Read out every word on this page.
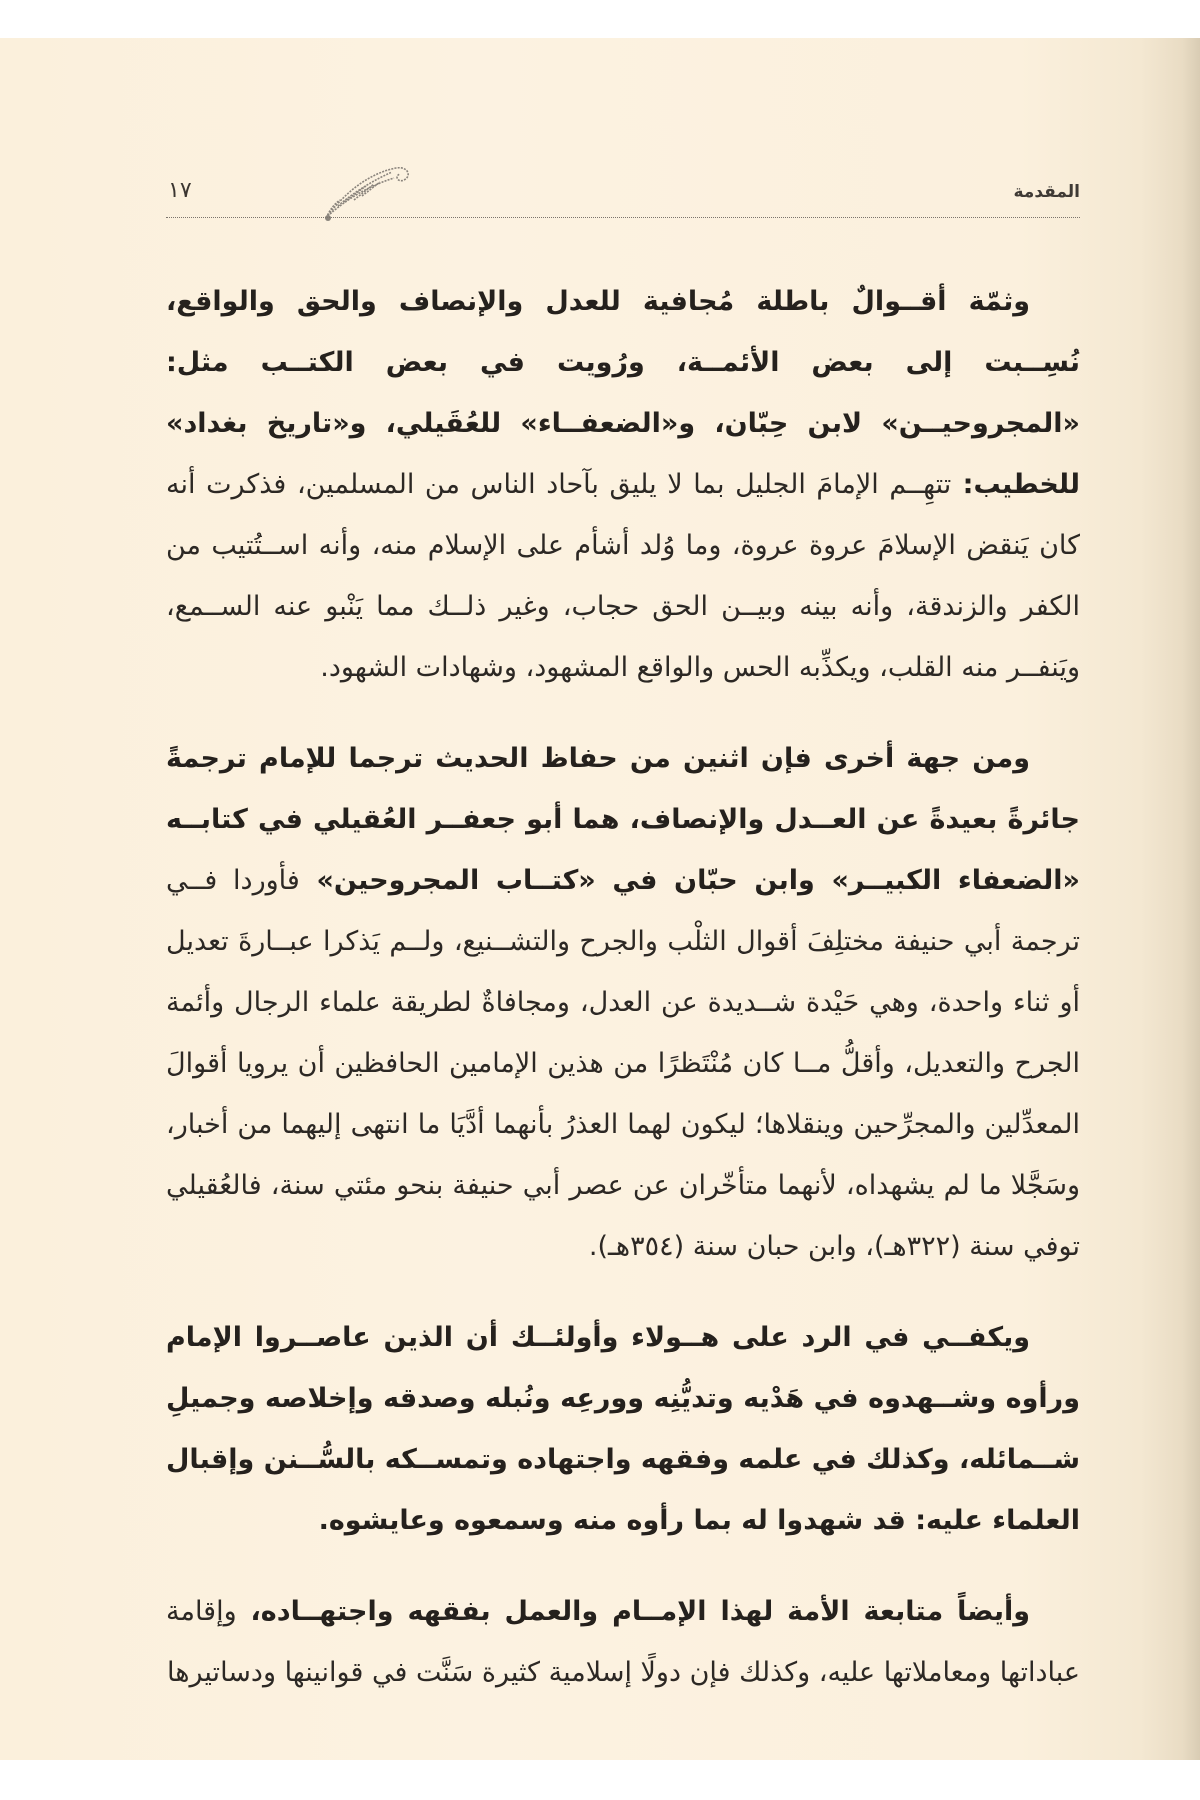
١٧	المقدمة

وثمّة أقــوالٌ باطلة مُجافية للعدل والإنصاف والحق والواقع، نُسِــبت إلى بعض الأئمــة، ورُويت في بعض الكتــب مثل: «المجروحيــن» لابن حِبّان، و«الضعفــاء» للعُقَيلي، و«تاريخ بغداد» للخطيب: تتهِــم الإمامَ الجليل بما لا يليق بآحاد الناس من المسلمين، فذكرت أنه كان يَنقض الإسلامَ عروة عروة، وما وُلد أشأم على الإسلام منه، وأنه اســتُتيب من الكفر والزندقة، وأنه بينه وبيــن الحق حجاب، وغير ذلــك مما يَنْبو عنه الســمع، ويَنفــر منه القلب، ويكذِّبه الحس والواقع المشهود، وشهادات الشهود.

ومن جهة أخرى فإن اثنين من حفاظ الحديث ترجما للإمام ترجمةً جائرةً بعيدةً عن العــدل والإنصاف، هما أبو جعفــر العُقيلي في كتابــه «الضعفاء الكبيــر» وابن حبّان في «كتــاب المجروحين» فأوردا فــي ترجمة أبي حنيفة مختلِفَ أقوال الثلْب والجرح والتشــنيع، ولــم يَذكرا عبــارةَ تعديل أو ثناء واحدة، وهي حَيْدة شــديدة عن العدل، ومجافاةٌ لطريقة علماء الرجال وأئمة الجرح والتعديل، وأقلُّ مــا كان مُنْتَظرًا من هذين الإمامين الحافظين أن يرويا أقوالَ المعدِّلين والمجرِّحين وينقلاها؛ ليكون لهما العذرُ بأنهما أدَّيَا ما انتهى إليهما من أخبار، وسَجَّلا ما لم يشهداه، لأنهما متأخّران عن عصر أبي حنيفة بنحو مئتي سنة، فالعُقيلي توفي سنة (٣٢٢هـ)، وابن حبان سنة (٣٥٤هـ).

ويكفــي في الرد على هــولاء وأولئــك أن الذين عاصــروا الإمام ورأوه وشــهدوه في هَدْيه وتديُّنِه وورعِه ونُبله وصدقه وإخلاصه وجميلِ شــمائله، وكذلك في علمه وفقهه واجتهاده وتمســكه بالسُّــنن وإقبال العلماء عليه: قد شهدوا له بما رأوه منه وسمعوه وعايشوه.

وأيضاً متابعة الأمة لهذا الإمــام والعمل بفقهه واجتهــاده، وإقامة عباداتها ومعاملاتها عليه، وكذلك فإن دولًا إسلامية كثيرة سَنَّت في قوانينها ودساتيرها
